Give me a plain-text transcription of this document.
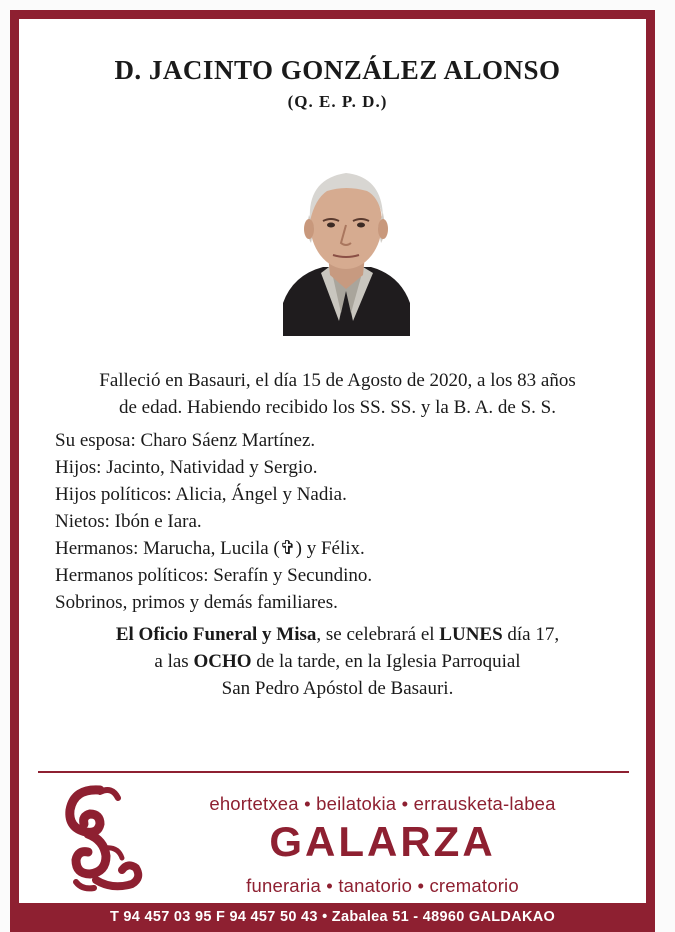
D. JACINTO GONZÁLEZ ALONSO
(Q. E. P. D.)
Falleció en Basauri, el día 15 de Agosto de 2020, a los 83 años
de edad. Habiendo recibido los SS. SS. y la B. A. de S. S.
Su esposa: Charo Sáenz Martínez.
Hijos: Jacinto, Natividad y Sergio.
Hijos políticos: Alicia, Ángel y Nadia.
Nietos: Ibón e Iara.
Hermanos: Marucha, Lucila (✞) y Félix.
Hermanos políticos: Serafín y Secundino.
Sobrinos, primos y demás familiares.
El Oficio Funeral y Misa, se celebrará el LUNES día 17,
a las OCHO de la tarde, en la Iglesia Parroquial
San Pedro Apóstol de Basauri.
ehortetxea • beilatokia • errausketa-labea
GALARZA
funeraria • tanatorio • crematorio
T 94 457 03 95 F 94 457 50 43 • Zabalea 51 - 48960 GALDAKAO
